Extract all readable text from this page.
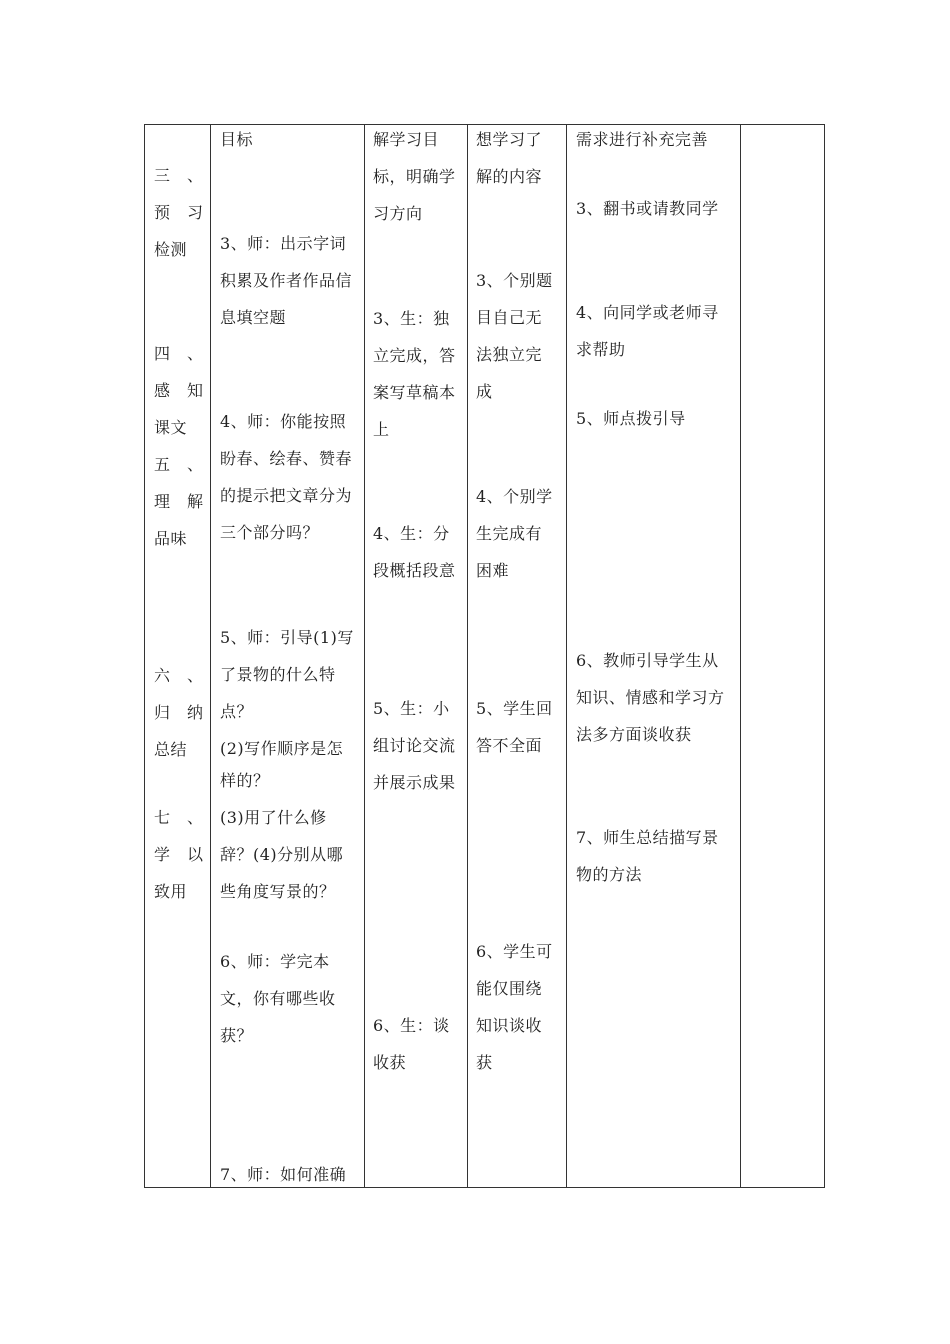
三　、
预　习
检测
四　、
感　知
课文
五　、
理　解
品味
六　、
归　纳
总结
七　、
学　以
致用
目标
3、师：出示字词
积累及作者作品信
息填空题
4、师：你能按照
盼春、绘春、赞春
的提示把文章分为
三个部分吗？
5、师：引导(1)写
了景物的什么特
点？
(2)写作顺序是怎
样的？
(3)用了什么修
辞？(4)分别从哪
些角度写景的？
6、师：学完本
文，你有哪些收
获？
7、师：如何准确
解学习目
标，明确学
习方向
3、生：独
立完成，答
案写草稿本
上
4、生：分
段概括段意
5、生：小
组讨论交流
并展示成果
6、生：谈
收获
想学习了
解的内容
3、个别题
目自己无
法独立完
成
4、个别学
生完成有
困难
5、学生回
答不全面
6、学生可
能仅围绕
知识谈收
获
需求进行补充完善
3、翻书或请教同学
4、向同学或老师寻
求帮助
5、师点拨引导
6、教师引导学生从
知识、情感和学习方
法多方面谈收获
7、师生总结描写景
物的方法
